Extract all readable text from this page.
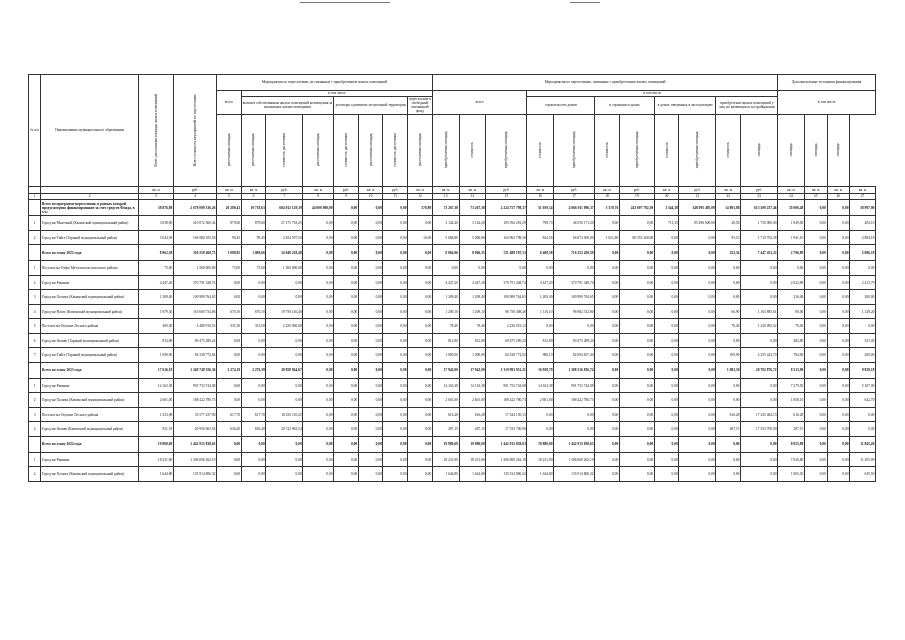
№ п/п	Наименование муниципального образования	Всего расселяемая площадь жилых помещений	Всего стоимость мероприятий по переселению	Мероприятия по переселению, не связанные с приобретением жилых помещений								Мероприятия по переселению, связанные с приобретением жилых помещений											Дополнительные источники финансирования			
				всего	в том числе							всего			в том числе								в том числе			
					выплата собственникам жилых помещений возмещения за изымаемые жилые помещения			договоры о развитии застроенной территории			переселение в свободный жилищный фонд				строительство домов		в строящихся домах		в домах, введенных в эксплуатацию		приобретение жилых помещений у лиц, не являющихся застройщиками					
				расселяемая площадь	расселяемая площадь	стоимость расселения	расселяемая площадь	стоимость расселения	расселяемая площадь	стоимость расселения	расселяемая площадь	приобретаемая площадь	стоимость	приобретаемая площадь	стоимость	приобретаемая площадь	стоимость	приобретаемая площадь	стоимость	приобретаемая площадь	стоимость	площадь	площадь	площадь	площадь	
		кв. м	руб.	кв. м	кв. м	руб.	кв. м	руб.	кв. м	руб.	кв. м	кв. м	кв. м	руб.	кв. м	руб.	кв. м	руб.	кв. м	руб.	кв. м	руб.	кв. м	кв. м	кв. м	кв. м
1	2	3	4	5	6	7	8	9	10	11	12	13	14	15	16	17	18	19	20	21	22	23	24	25	26	27
	Всего по программе переселения, в рамках которой предусмотрено финансирование за счет средств Фонда, в т.ч.:	38 876,98	2 678 099 336,26	20 289,43	19 718,63	684 012 129,39	44 000 000,00	0,00	0,00	0,00	570,80	73 267,38	73 267,38	2 224 757 798,37	51 059,34	4 066 911 996,37	3 319,76	243 697 782,39	3 544,38	348 095 495,09	14 893,88	613 509 237,46	35 006,48	0,00	0,00	38 997,00
1	Город-на-Малечной (Каменский муниципальный район)	3 038,00	210 072 360,34	879,60	879,60	27 175 718,25	0,00	0,00	0,00	0,00	0,00	3 144,20	3 144,20	183 594 281,29	798,70	48 550 171,20	0,00	0,00	711,35	85 496 600,00	28,50	1 750 000,00	1 049,00	0,00	0,00	204,10
2	Город-на-Тайге (Таракий муниципальный район)	5 044,38	166 980 105,56	99,45	99,45	3 454 597,50	0,00	0,00	0,00	0,00	16,00	5 068,80	5 068,80	164 965 798,30	824,56	66 874 508,00	1 021,80	80 355 200,00	0,00	0,00	95,10	1 715 702,38	1 941,10	0,00	0,00	2 884,18
	Всего по этапу 2022 года	8 962,38	350 258 468,73	1 088,85	1 090,66	34 048 228,48	0,00	0,00	0,00	0,00	0,00	8 064,96	8 066,35	721 488 187,13	6 409,58	716 252 450,59	0,00	0,00	0,00	0,00	252,34	7 447 453,22	2 796,89	0,00	0,00	2 086,18
1	Поселок-на-Озере Металлоклассического района	75,00	1 560 000,00	75,00	75,00	1 560 000,00	0,00	0,00	0,00	0,00	0,00	0,00	0,00	0,00	0,00	0,00	0,00	0,00	0,00	0,00	0,00	0,00	0,00	0,00	0,00	0,00
2	Город-на-Равнине	4 447,20	370 791 348,74	0,00	0,00	0,00	0,00	0,00	0,00	0,00	0,00	4 447,20	4 447,20	370 791 348,74	4 447,20	370 791 348,74	0,00	0,00	0,00	0,00	0,00	0,00	2 022,89	0,00	0,00	2 413,79
3	Город-на-Холмах (Каменский муниципальный район)	1 209,40	100 989 764,65	0,00	0,00	0,00	0,00	0,00	0,00	0,00	0,00	1 209,40	1 209,40	100 989 764,65	1 209,40	100 989 764,65	0,00	0,00	0,00	0,00	0,00	0,00	216,48	0,00	0,00	200,00
4	Город-на-Плато (Каменский муниципальный район)	1 879,30	116 600 734,06	670,10	670,10	19 750 146,40	0,00	0,00	0,00	0,00	0,00	1 209,10	1 209,10	96 750 408,40	1 116,10	96 982 312,80	0,00	0,00	0,00	0,00	66,90	1 163 885,61	80,00	0,00	0,00	1 128,20
5	Поселок-на-Опушке Лесного района	409,00	4 480 910,52	331,50	331,50	2 250 000,00	0,00	0,00	0,00	0,00	0,00	78,40	78,40	2 230 051,12	0,00	0,00	0,00	0,00	0,00	0,00	78,40	1 236 093,52	78,40	0,00	0,00	0,00
6	Город-на-Заливе (Таракий муниципальный район)	812,80	69 475 289,24	0,00	0,00	0,00	0,00	0,00	0,00	0,00	0,00	812,80	812,80	69 475 289,24	812,80	69 475 289,24	0,00	0,00	0,00	0,00	0,00	0,00	482,80	0,00	0,00	331,00
7	Город-на-Тайге (Таракий муниципальный район)	1 090,00	84 338 772,92	0,00	0,00	0,00	0,00	0,00	0,00	0,00	0,00	1 090,00	1 090,00	84 338 772,92	980,10	82 094 657,40	0,00	0,00	0,00	0,00	109,90	2 255 423,70	784,00	0,00	0,00	200,00
	Всего по этапу 2023 года	17 616,19	1 349 749 356,36	2 274,19	2 276,39	38 858 944,67	0,00	0,00	0,00	0,00	0,00	17 942,00	17 942,00	1 310 993 951,21	16 958,79	1 308 316 836,74	0,00	0,00	0,00	0,00	1 082,50	20 702 876,72	8 313,90	0,00	0,00	9 829,18
1	Город-на-Равнине	14 163,38	991 753 744,08	0,00	0,00	0,00	0,00	0,00	0,00	0,00	0,00	14 163,38	14 163,38	991 753 744,08	14 163,38	991 753 744,08	0,00	0,00	0,00	0,00	0,00	0,00	7 279,50	0,00	0,00	5 107,00
2	Город-на-Холмах (Каменский муниципальный район)	2 601,00	188 422 780,73	0,00	0,00	0,00	0,00	0,00	0,00	0,00	0,00	2 601,00	2 601,00	188 422 780,73	2 601,00	188 422 780,73	0,00	0,00	0,00	0,00	0,00	0,00	1 858,10	0,00	0,00	642,70
3	Поселок-на-Опушке Лесного района	1 233,98	35 577 237,90	617,70	617,70	18 233 110,25	0,00	0,00	0,00	0,00	0,00	616,28	616,28	17 344 150,15	0,00	0,00	0,00	0,00	0,00	0,00	616,28	17 345 464,13	616,28	0,00	0,00	0,00
4	Город-на-Заливе (Каменский муниципальный район)	921,55	40 956 663,54	636,40	636,40	20 722 963,54	0,00	0,00	0,00	0,00	0,00	287,15	287,15	17 533 700,00	0,00	0,00	0,00	0,00	0,00	0,00	287,15	17 533 700,00	287,15	0,00	0,00	0,00
	Всего по этапу 2024 года	19 880,69	1 442 915 838,63	0,00	0,00	0,00	0,00	0,00	0,00	0,00	0,00	19 880,69	19 880,69	1 442 915 838,63	19 880,69	1 442 915 838,63	0,00	0,00	0,00	0,00	0,00	0,00	8 055,89	0,00	0,00	11 845,49
1	Город-на-Равнине	18 231,80	1 306 000 262,19	0,00	0,00	0,00	0,00	0,00	0,00	0,00	0,00	18 231,80	18 231,80	1 306 000 262,19	18 231,80	1 306 000 262,19	0,00	0,00	0,00	0,00	0,00	0,00	7 020,80	0,00	0,00	11 205,99
2	Город-на-Холмах (Каменский муниципальный район)	1 644,80	135 914 806,32	0,00	0,00	0,00	0,00	0,00	0,00	0,00	0,00	1 644,80	1 644,80	135 914 806,32	1 644,80	135 914 806,32	0,00	0,00	0,00	0,00	0,00	0,00	1 005,30	0,00	0,00	639,50
